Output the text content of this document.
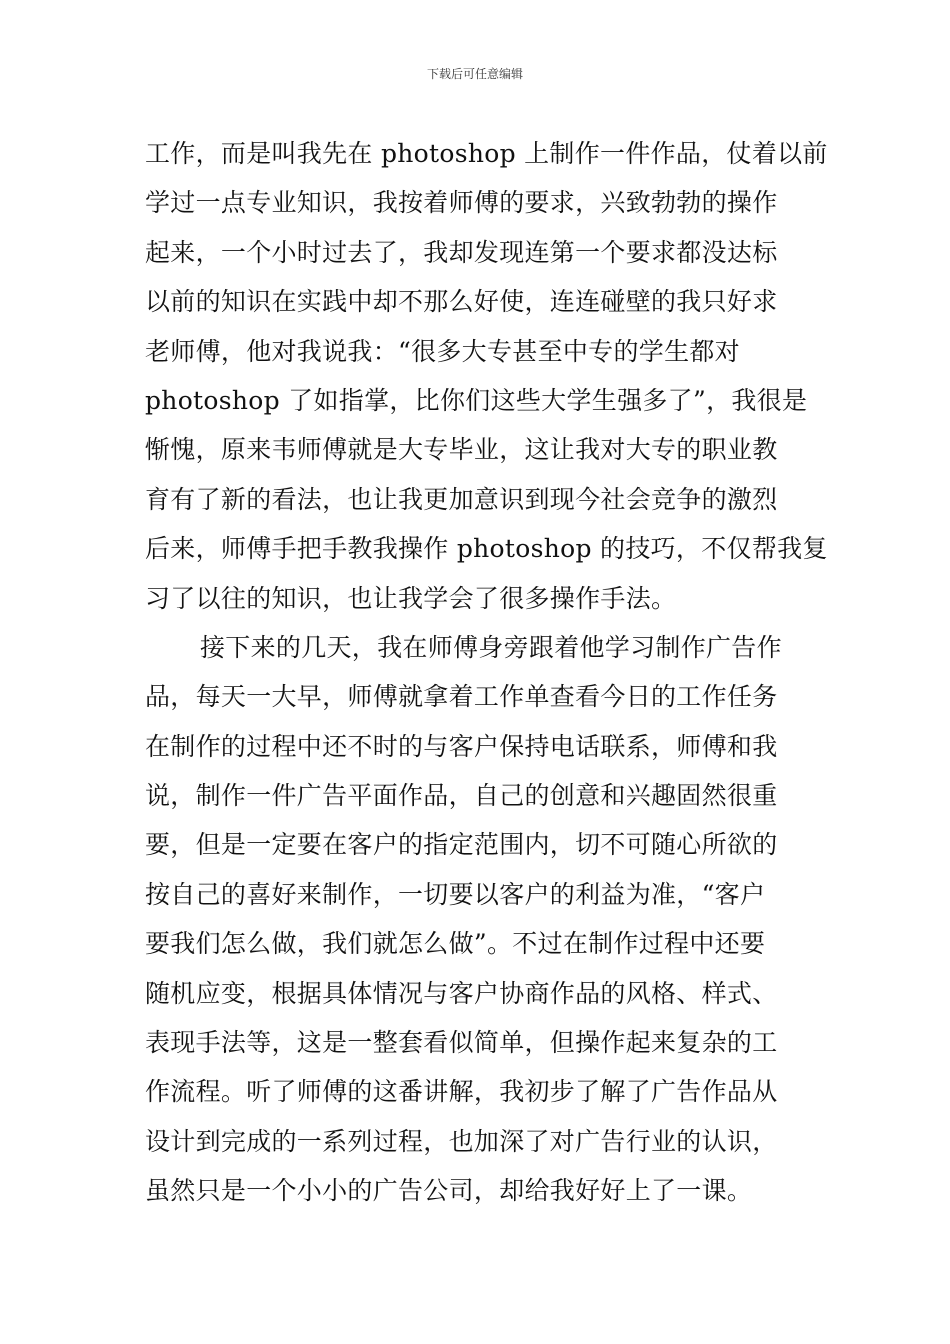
下载后可任意编辑
工作，而是叫我先在 photoshop 上制作一件作品，仗着以前
学过一点专业知识，我按着师傅的要求，兴致勃勃的操作
起来，一个小时过去了，我却发现连第一个要求都没达标
以前的知识在实践中却不那么好使，连连碰壁的我只好求
老师傅，他对我说我：“很多大专甚至中专的学生都对
photoshop 了如指掌，比你们这些大学生强多了”，我很是
惭愧，原来韦师傅就是大专毕业，这让我对大专的职业教
育有了新的看法，也让我更加意识到现今社会竞争的激烈
后来，师傅手把手教我操作 photoshop 的技巧，不仅帮我复
习了以往的知识，也让我学会了很多操作手法。
接下来的几天，我在师傅身旁跟着他学习制作广告作
品，每天一大早，师傅就拿着工作单查看今日的工作任务
在制作的过程中还不时的与客户保持电话联系，师傅和我
说，制作一件广告平面作品，自己的创意和兴趣固然很重
要，但是一定要在客户的指定范围内，切不可随心所欲的
按自己的喜好来制作，一切要以客户的利益为准，“客户
要我们怎么做，我们就怎么做”。不过在制作过程中还要
随机应变，根据具体情况与客户协商作品的风格、样式、
表现手法等，这是一整套看似简单，但操作起来复杂的工
作流程。听了师傅的这番讲解，我初步了解了广告作品从
设计到完成的一系列过程，也加深了对广告行业的认识，
虽然只是一个小小的广告公司，却给我好好上了一课。
